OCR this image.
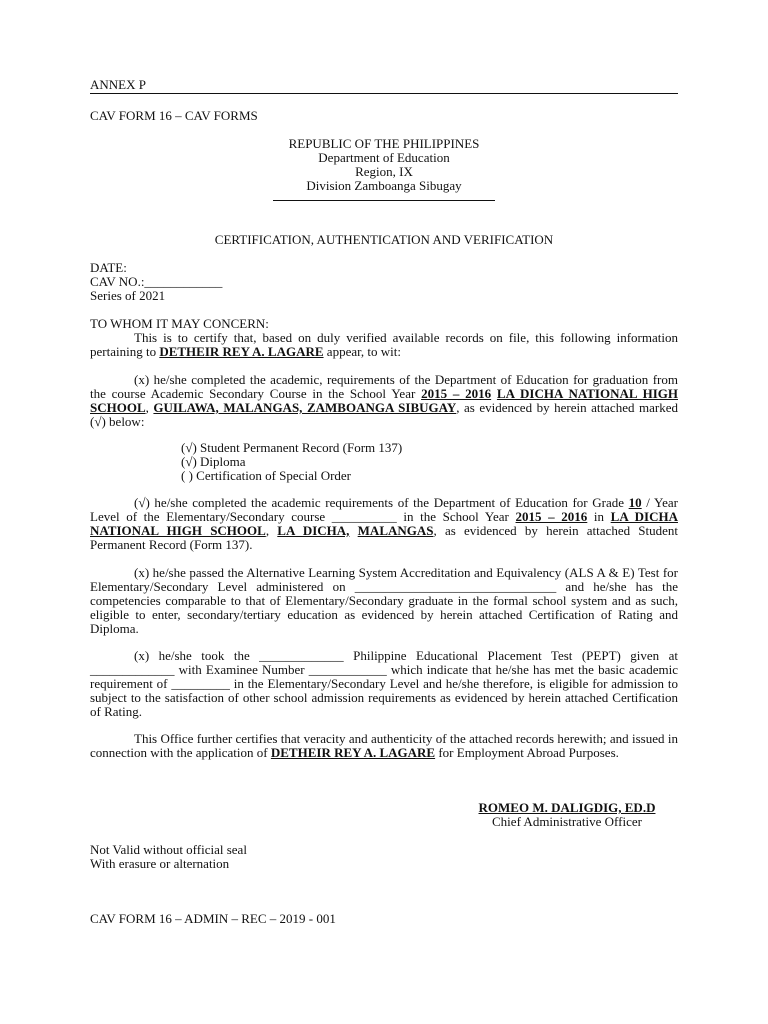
ANNEX P
CAV FORM 16 – CAV FORMS
REPUBLIC OF THE PHILIPPINES
Department of Education
Region, IX
Division Zamboanga Sibugay
CERTIFICATION, AUTHENTICATION AND VERIFICATION
DATE:
CAV NO.:____________
Series of 2021
TO WHOM IT MAY CONCERN:

This is to certify that, based on duly verified available records on file, this following information pertaining to DETHEIR REY A. LAGARE appear, to wit:

(x) he/she completed the academic, requirements of the Department of Education for graduation from the course Academic Secondary Course in the School Year 2015 – 2016 LA DICHA NATIONAL HIGH SCHOOL, GUILAWA, MALANGAS, ZAMBOANGA SIBUGAY, as evidenced by herein attached marked (√) below:

(√) Student Permanent Record (Form 137)
(√) Diploma
( ) Certification of Special Order

(√) he/she completed the academic requirements of the Department of Education for Grade 10 / Year Level of the Elementary/Secondary course __________ in the School Year 2015 – 2016 in LA DICHA NATIONAL HIGH SCHOOL, LA DICHA, MALANGAS, as evidenced by herein attached Student Permanent Record (Form 137).

(x) he/she passed the Alternative Learning System Accreditation and Equivalency (ALS A & E) Test for Elementary/Secondary Level administered on _______________________________ and he/she has the competencies comparable to that of Elementary/Secondary graduate in the formal school system and as such, eligible to enter, secondary/tertiary education as evidenced by herein attached Certification of Rating and Diploma.

(x) he/she took the _____________ Philippine Educational Placement Test (PEPT) given at _____________ with Examinee Number ____________ which indicate that he/she has met the basic academic requirement of _________ in the Elementary/Secondary Level and he/she therefore, is eligible for admission to subject to the satisfaction of other school admission requirements as evidenced by herein attached Certification of Rating.

This Office further certifies that veracity and authenticity of the attached records herewith; and issued in connection with the application of DETHEIR REY A. LAGARE for Employment Abroad Purposes.

ROMEO M. DALIGDIG, ED.D
Chief Administrative Officer
Not Valid without official seal
With erasure or alternation
CAV FORM 16 – ADMIN – REC – 2019 - 001
